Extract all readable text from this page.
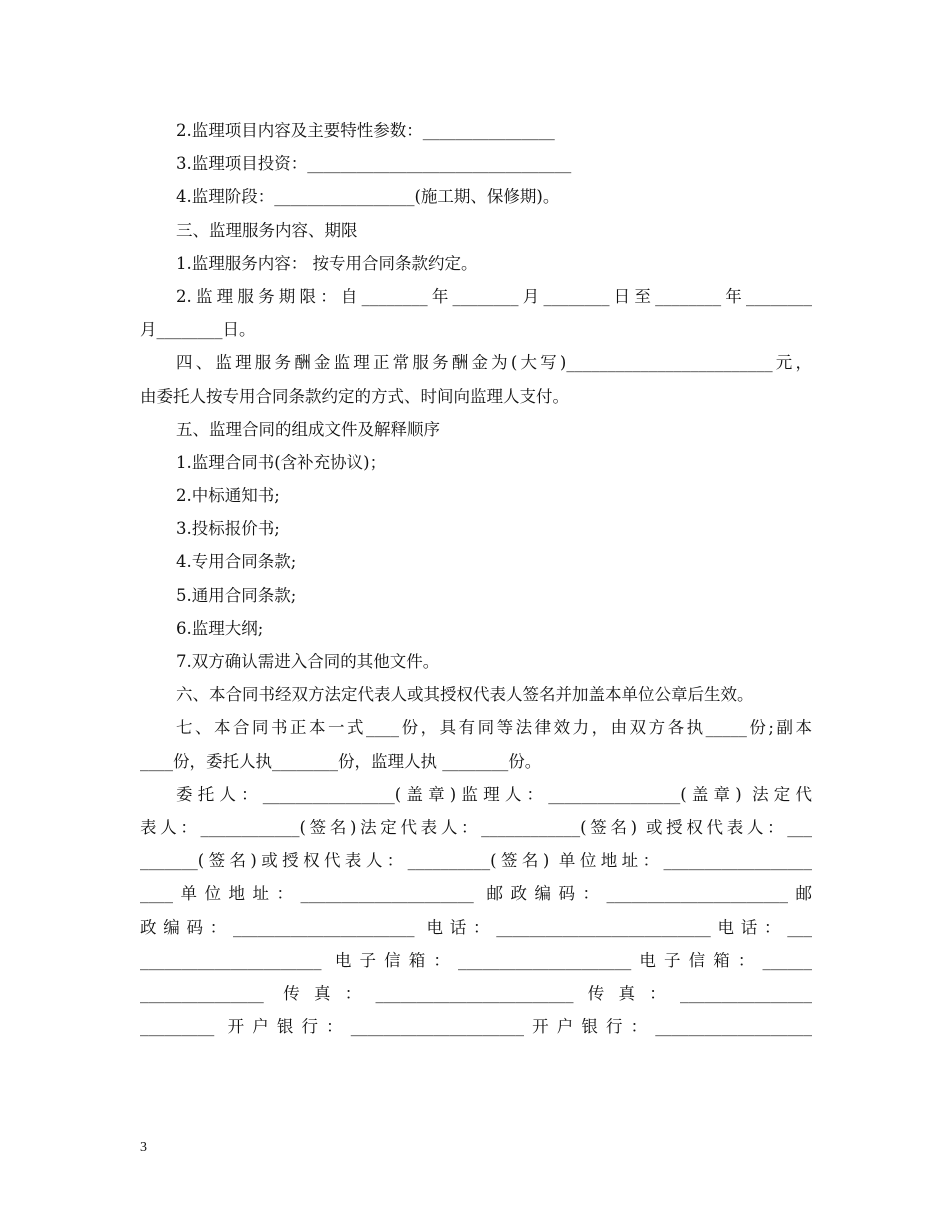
2.监理项目内容及主要特性参数：________________
3.监理项目投资：________________________________
4.监理阶段：_________________(施工期、保修期)。
三、监理服务内容、期限
1.监理服务内容： 按专用合同条款约定。
2.监理服务期限：自________年________月________日至________年________
月________日。
四、监理服务酬金监理正常服务酬金为(大写)_________________________元，
由委托人按专用合同条款约定的方式、时间向监理人支付。
五、监理合同的组成文件及解释顺序
1.监理合同书(含补充协议)；
2.中标通知书;
3.投标报价书;
4.专用合同条款;
5.通用合同条款;
6.监理大纲;
7.双方确认需进入合同的其他文件。
六、本合同书经双方法定代表人或其授权代表人签名并加盖本单位公章后生效。
七、本合同书正本一式____份，具有同等法律效力，由双方各执_____份;副本
____份，委托人执________份，监理人执 ________份。
委托人：________________(盖章)监理人：________________(盖章) 法定代
表人：____________(签名)法定代表人：____________(签名) 或授权代表人：___
_______(签名)或授权代表人：__________(签名) 单位地址：__________________
____单位地址：_____________________ 邮政编码：______________________邮
政编码：______________________ 电话：__________________________电话：___
______________________ 电子信箱：_____________________电子信箱：______
_______________ 传真：________________________传真：________________
_________ 开户银行：_____________________开户银行：___________________
3
